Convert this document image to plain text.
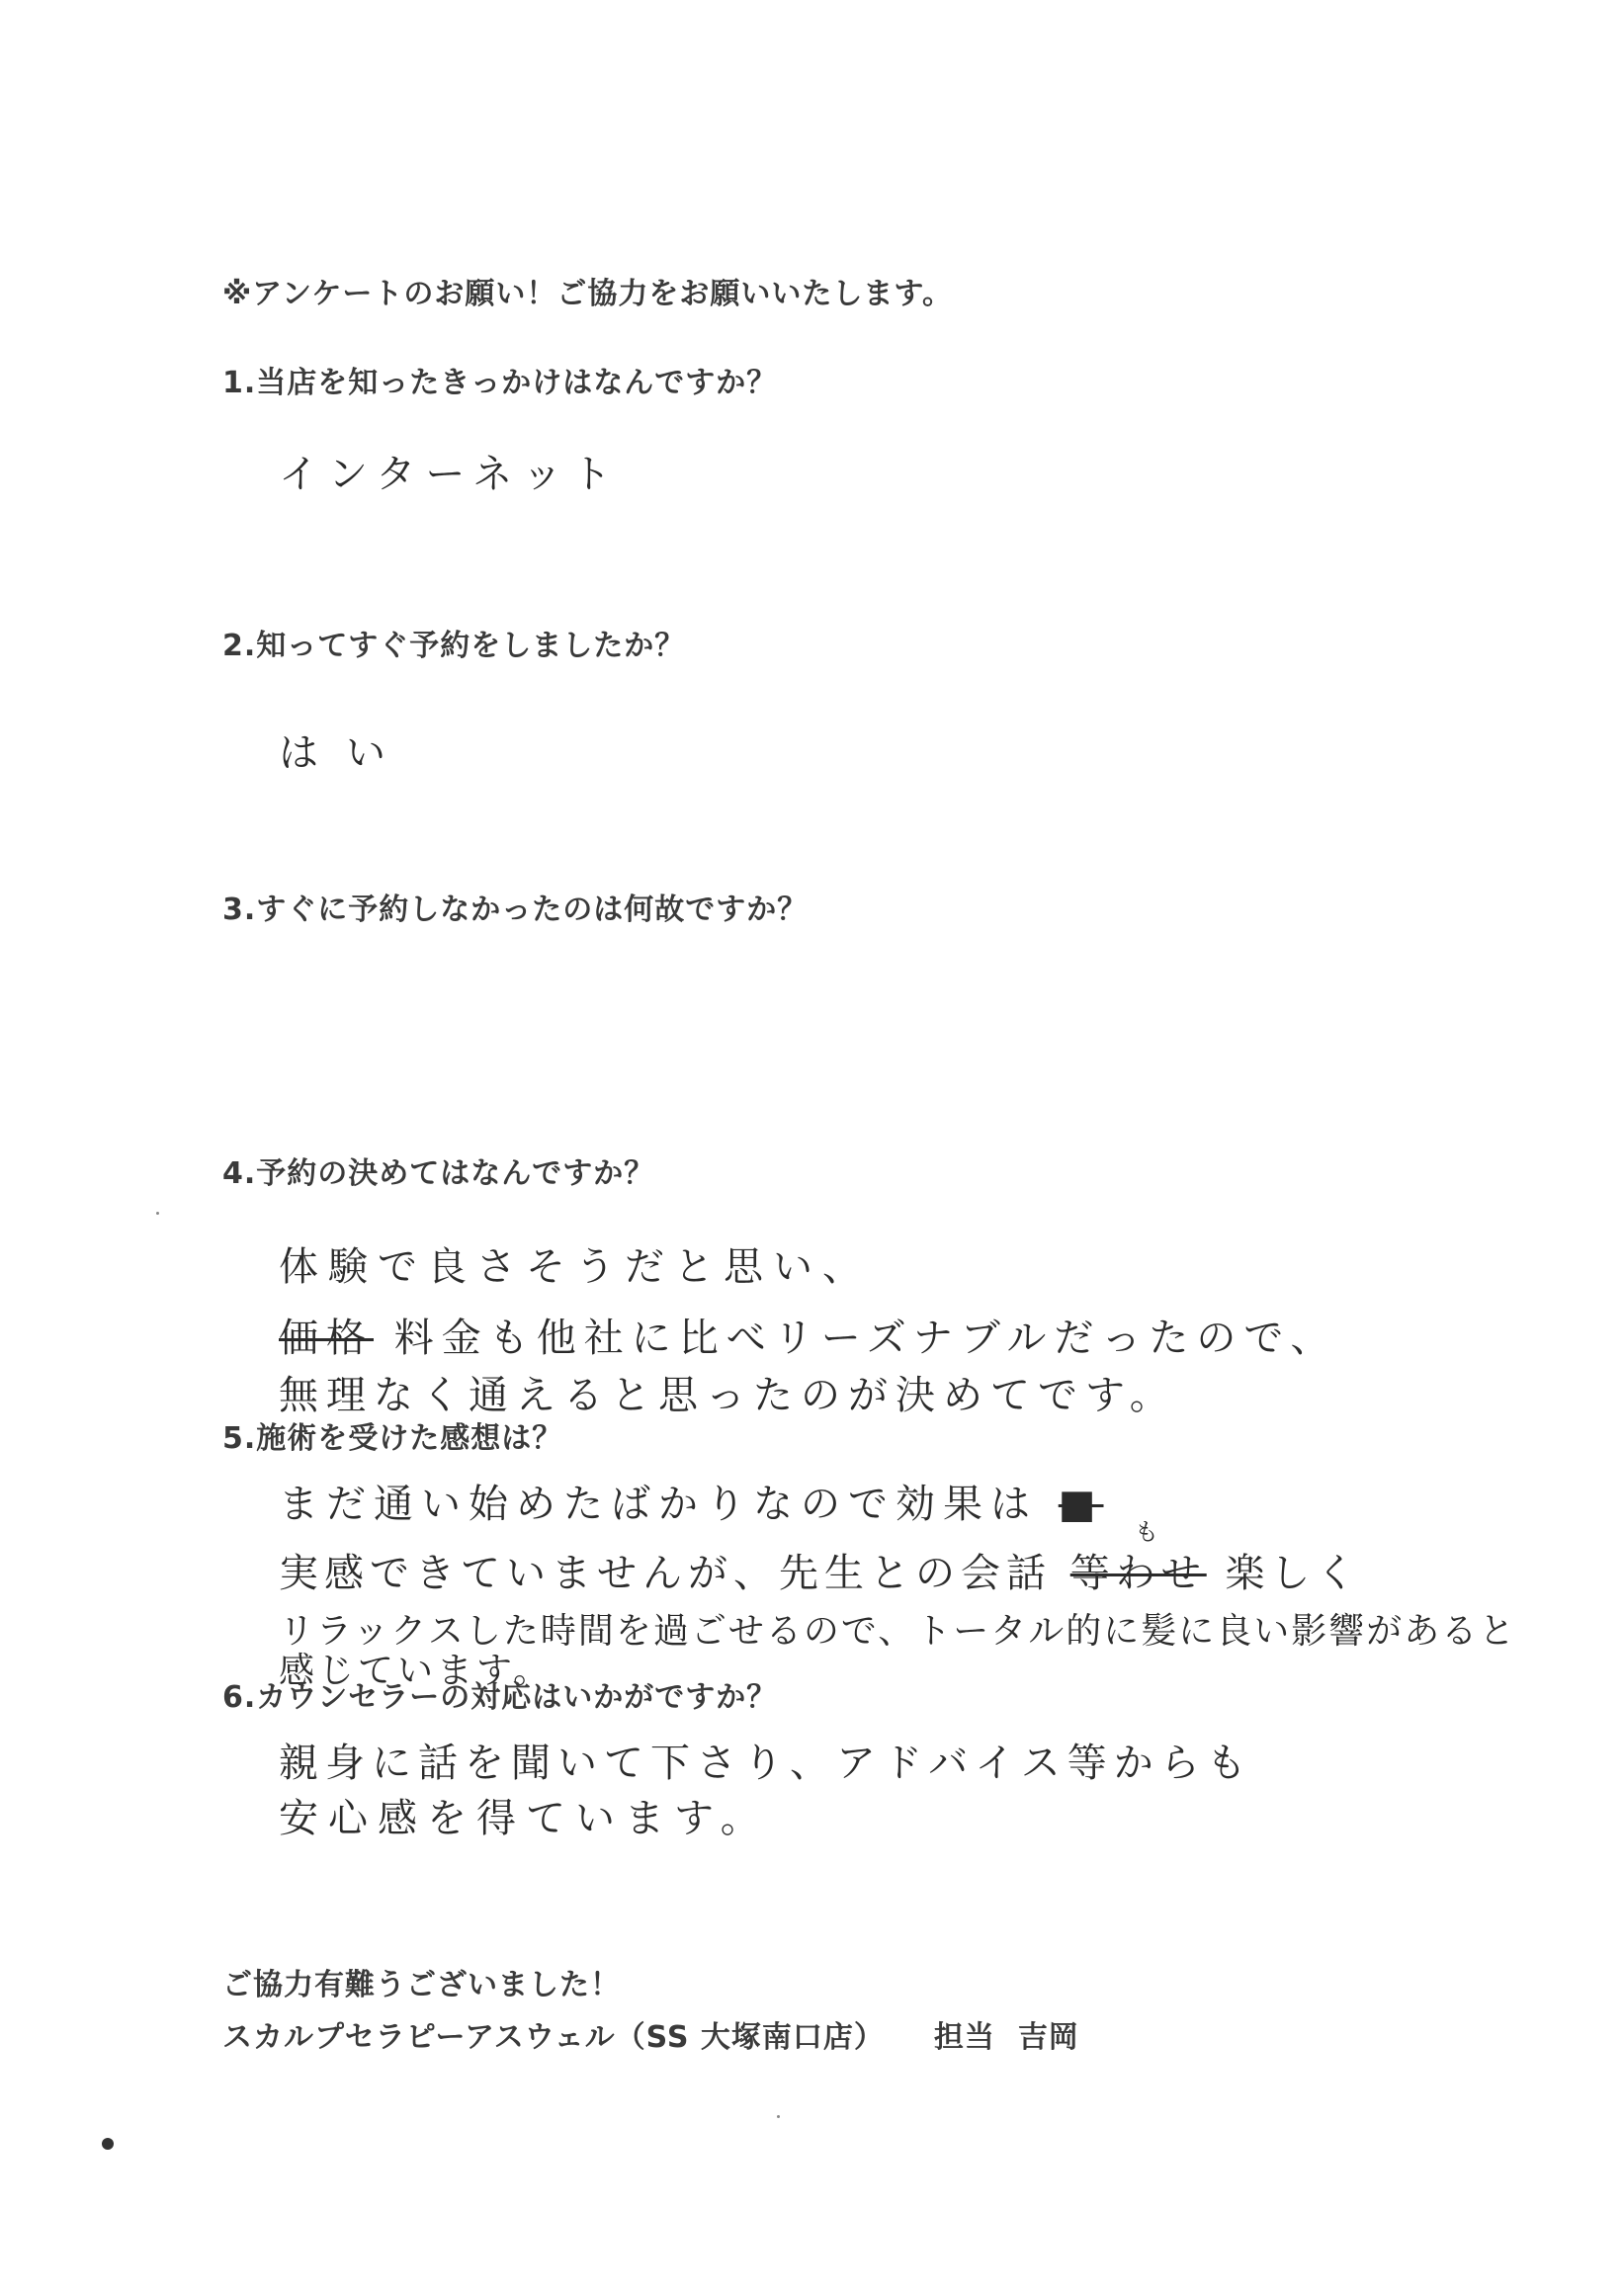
※アンケートのお願い！ご協力をお願いいたします。
1.当店を知ったきっかけはなんですか？
インターネット
2.知ってすぐ予約をしましたか？
はい
3.すぐに予約しなかったのは何故ですか？
4.予約の決めてはなんですか？
体験で良さそうだと思い、
価格 料金も他社に比べリーズナブルだったので、
無理なく通えると思ったのが決めてです。
5.施術を受けた感想は？
まだ通い始めたばかりなので効果は ■
も
実感できていませんが、先生との会話 等わせ 楽しく
リラックスした時間を過ごせるので、トータル的に髪に良い影響があると
感じています。
6.カウンセラーの対応はいかがですか？
親身に話を聞いて下さり、アドバイス等からも
安心感を得ています。
ご協力有難うございました！
スカルプセラピーアスウェル（SS 大塚南口店） 担当 吉岡
